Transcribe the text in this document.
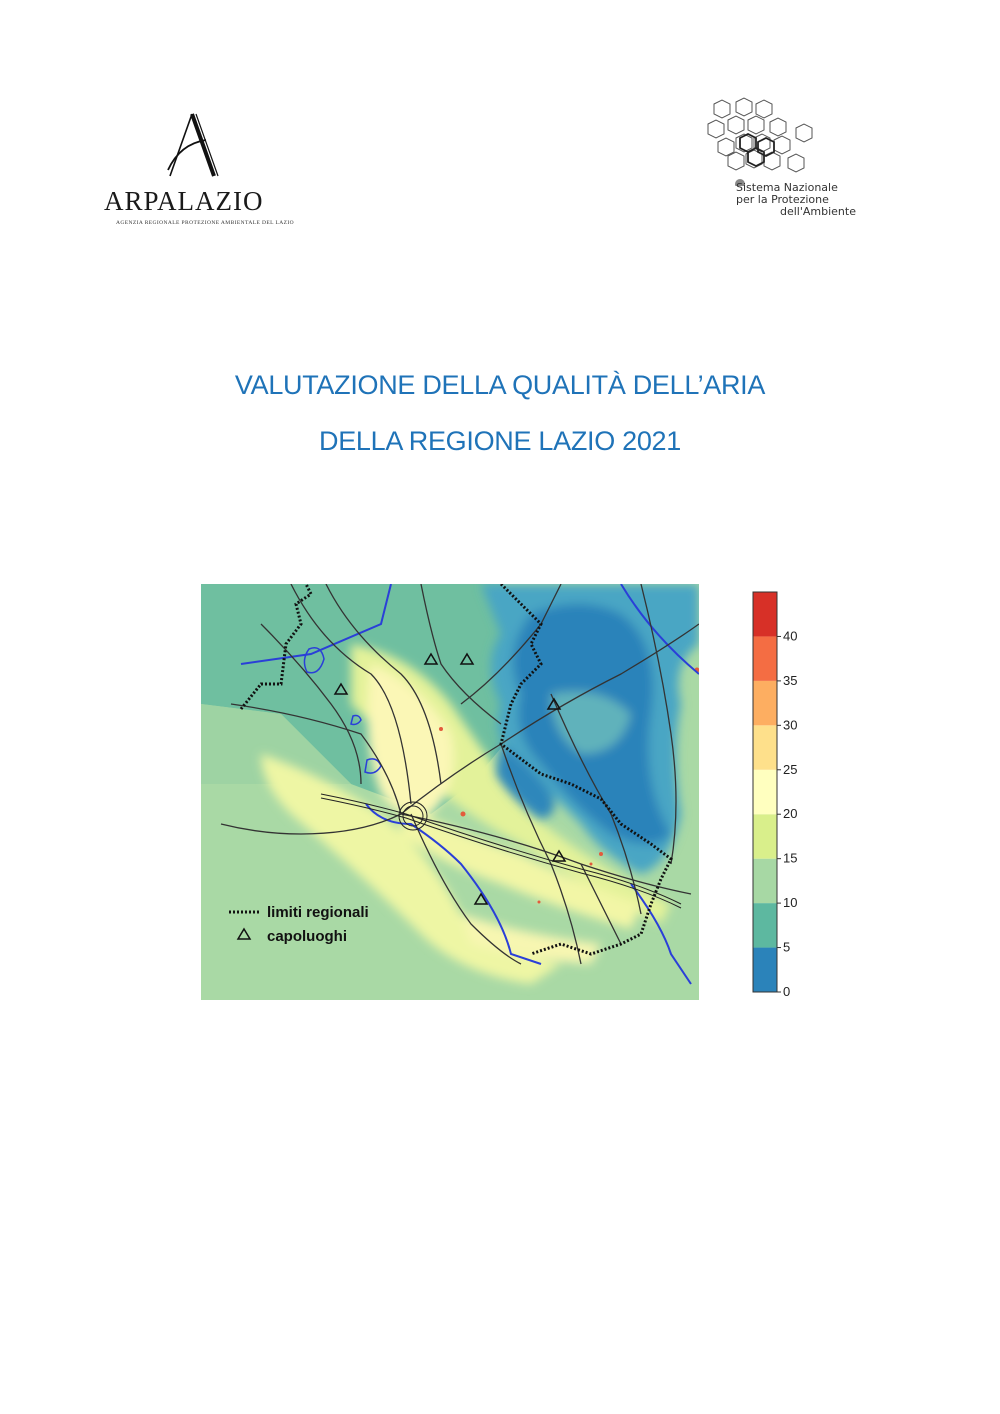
ARPALAZIO
AGENZIA REGIONALE PROTEZIONE AMBIENTALE DEL LAZIO
Sistema Nazionale
per la Protezione
dell'Ambiente
VALUTAZIONE DELLA QUALITÀ DELL’ARIA
DELLA REGIONE LAZIO 2021
limiti regionali
capoluoghi
0
5
10
15
20
25
30
35
40
